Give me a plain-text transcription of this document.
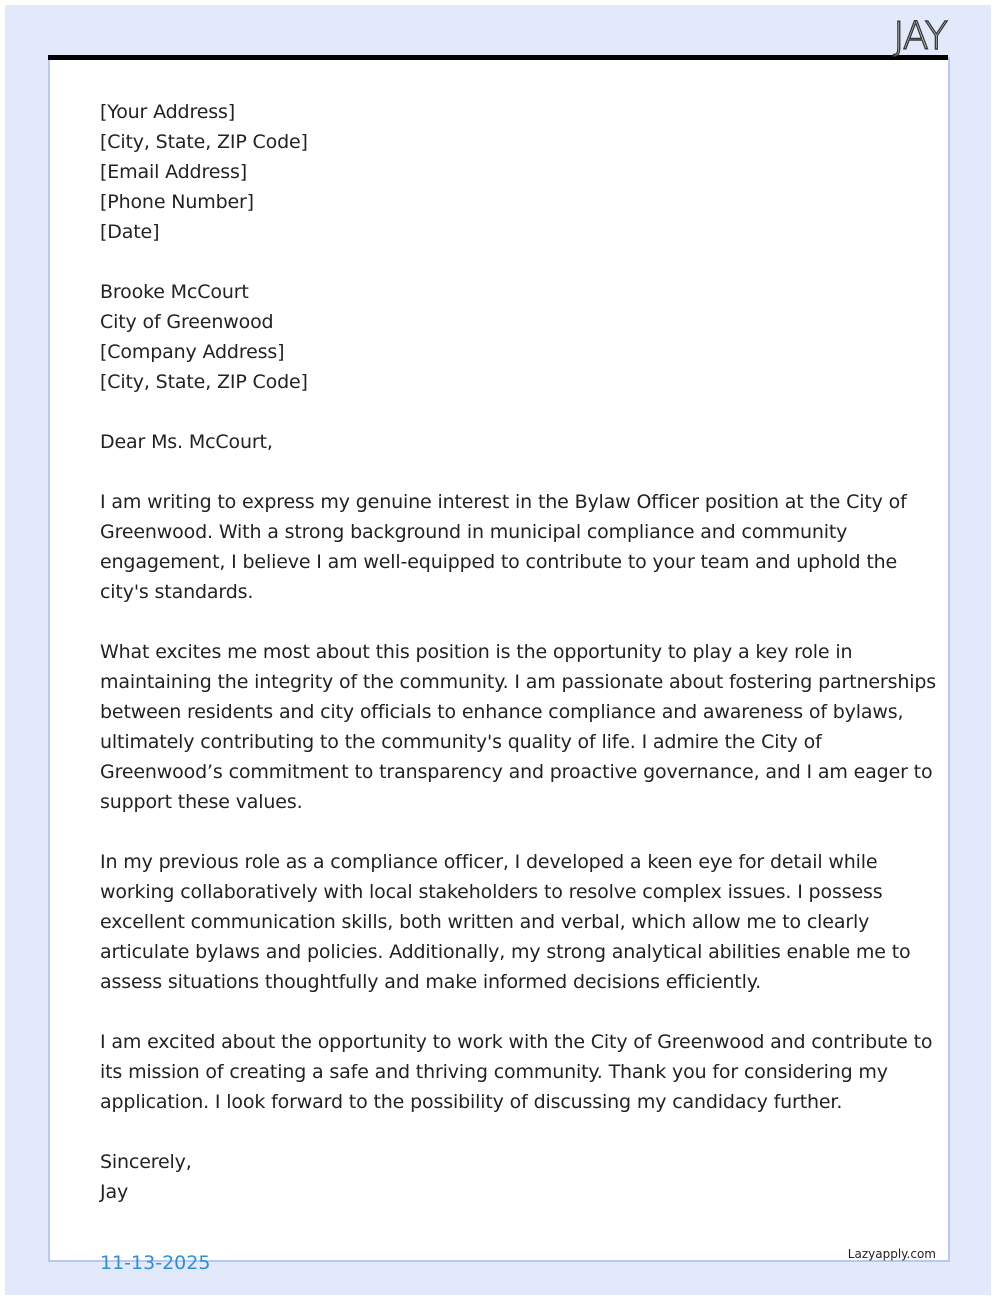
JAY
[Your Address]
[City, State, ZIP Code]
[Email Address]
[Phone Number]
[Date]
Brooke McCourt
City of Greenwood
[Company Address]
[City, State, ZIP Code]
Dear Ms. McCourt,

I am writing to express my genuine interest in the Bylaw Officer position at the City of
Greenwood. With a strong background in municipal compliance and community
engagement, I believe I am well-equipped to contribute to your team and uphold the
city's standards.

What excites me most about this position is the opportunity to play a key role in
maintaining the integrity of the community. I am passionate about fostering partnerships
between residents and city officials to enhance compliance and awareness of bylaws,
ultimately contributing to the community's quality of life. I admire the City of
Greenwood’s commitment to transparency and proactive governance, and I am eager to
support these values.

In my previous role as a compliance officer, I developed a keen eye for detail while
working collaboratively with local stakeholders to resolve complex issues. I possess
excellent communication skills, both written and verbal, which allow me to clearly
articulate bylaws and policies. Additionally, my strong analytical abilities enable me to
assess situations thoughtfully and make informed decisions efficiently.

I am excited about the opportunity to work with the City of Greenwood and contribute to
its mission of creating a safe and thriving community. Thank you for considering my
application. I look forward to the possibility of discussing my candidacy further.

Sincerely,
Jay
11-13-2025	Lazyapply.com
